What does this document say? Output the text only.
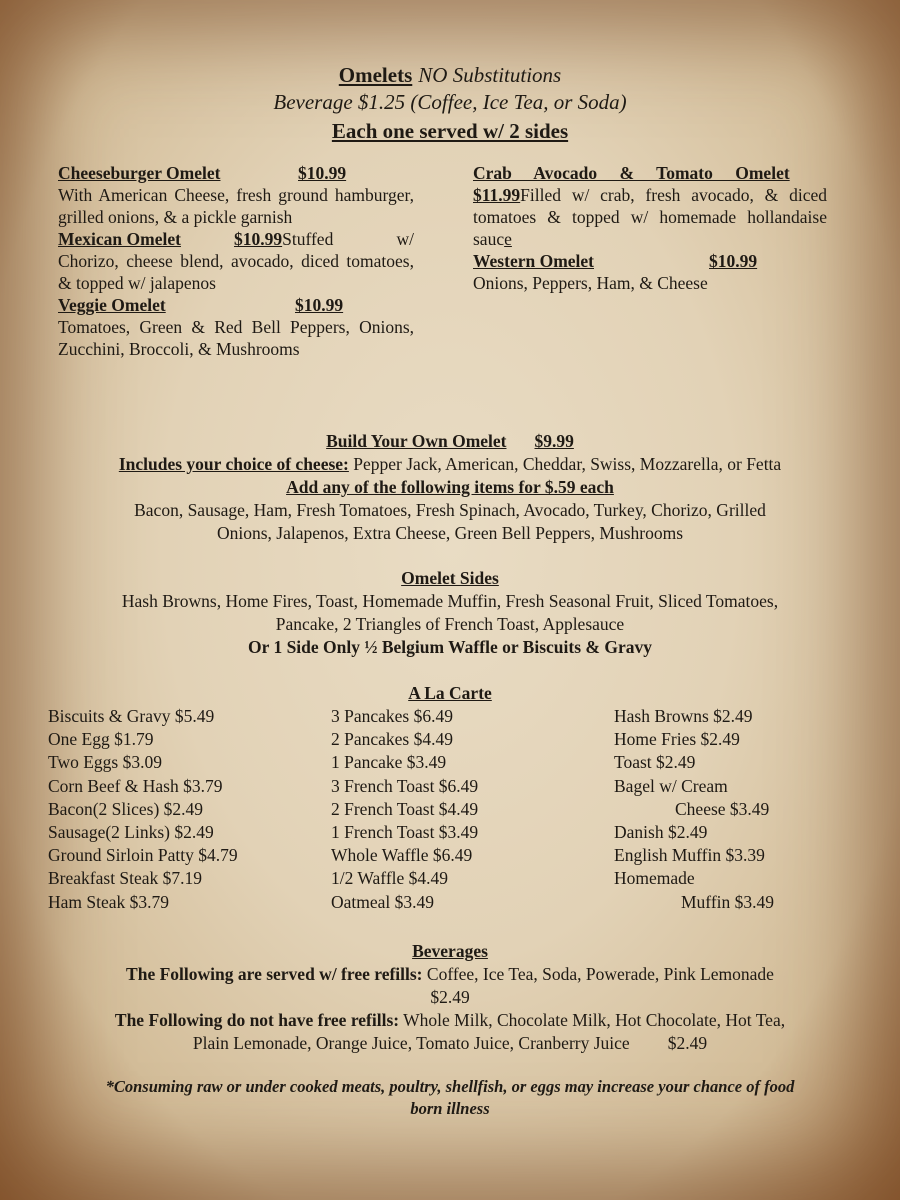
Omelets NO Substitutions
Beverage $1.25 (Coffee, Ice Tea, or Soda)
Each one served w/ 2 sides
Cheeseburger Omelet	$10.99
With American Cheese, fresh ground hamburger, grilled onions, & a pickle garnish
Mexican Omelet	$10.99Stuffed w/ Chorizo, cheese blend, avocado, diced tomatoes, & topped w/ jalapenos
Veggie Omelet	$10.99
Tomatoes, Green & Red Bell Peppers, Onions, Zucchini, Broccoli, & Mushrooms
Crab Avocado & Tomato Omelet
$11.99Filled w/ crab, fresh avocado, & diced tomatoes & topped w/ homemade hollandaise sauce
Western Omelet	$10.99
Onions, Peppers, Ham, & Cheese
Build Your Own Omelet $9.99
Includes your choice of cheese: Pepper Jack, American, Cheddar, Swiss, Mozzarella, or Fetta
Add any of the following items for $.59 each
Bacon, Sausage, Ham, Fresh Tomatoes, Fresh Spinach, Avocado, Turkey, Chorizo, Grilled
Onions, Jalapenos, Extra Cheese, Green Bell Peppers, Mushrooms
Omelet Sides
Hash Browns, Home Fires, Toast, Homemade Muffin, Fresh Seasonal Fruit, Sliced Tomatoes,
Pancake, 2 Triangles of French Toast, Applesauce
Or 1 Side Only ½ Belgium Waffle or Biscuits & Gravy
A La Carte
Biscuits & Gravy $5.49
One Egg $1.79
Two Eggs $3.09
Corn Beef & Hash $3.79
Bacon(2 Slices) $2.49
Sausage(2 Links) $2.49
Ground Sirloin Patty $4.79
Breakfast Steak $7.19
Ham Steak $3.79
3 Pancakes $6.49
2 Pancakes $4.49
1 Pancake $3.49
3 French Toast $6.49
2 French Toast $4.49
1 French Toast $3.49
Whole Waffle $6.49
1/2 Waffle $4.49
Oatmeal $3.49
Hash Browns $2.49
Home Fries $2.49
Toast $2.49
Bagel w/ Cream
Cheese $3.49
Danish $2.49
English Muffin $3.39
Homemade
Muffin $3.49
Beverages
The Following are served w/ free refills: Coffee, Ice Tea, Soda, Powerade, Pink Lemonade
$2.49
The Following do not have free refills: Whole Milk, Chocolate Milk, Hot Chocolate, Hot Tea,
Plain Lemonade, Orange Juice, Tomato Juice, Cranberry Juice $2.49
*Consuming raw or under cooked meats, poultry, shellfish, or eggs may increase your chance of food
born illness
